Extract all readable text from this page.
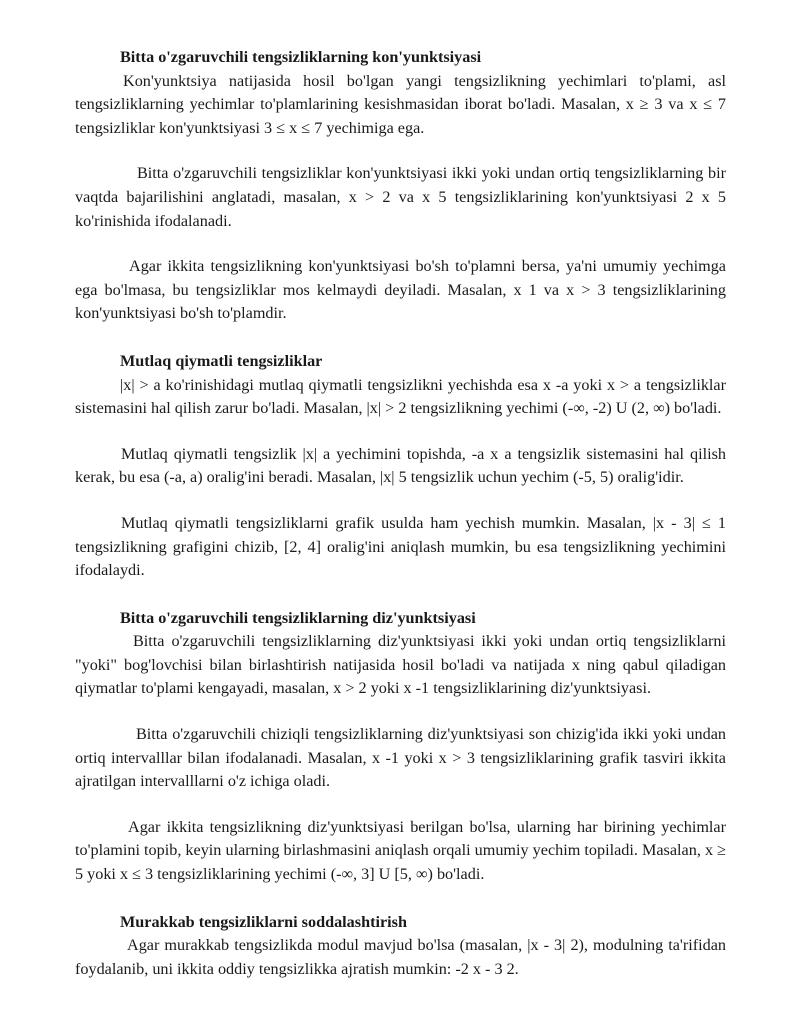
Bitta o'zgaruvchili tengsizliklarning kon'yunktsiyasi

Kon'yunktsiya natijasida hosil bo'lgan yangi tengsizlikning yechimlari to'plami, asl tengsizliklarning yechimlar to'plamlarining kesishmasidan iborat bo'ladi. Masalan, x ≥ 3 va x ≤ 7 tengsizliklar kon'yunktsiyasi 3 ≤ x ≤ 7 yechimiga ega.

Bitta o'zgaruvchili tengsizliklar kon'yunktsiyasi ikki yoki undan ortiq tengsizliklarning bir vaqtda bajarilishini anglatadi, masalan, x > 2 va x 5 tengsizliklarining kon'yunktsiyasi 2 x 5 ko'rinishida ifodalanadi.

Agar ikkita tengsizlikning kon'yunktsiyasi bo'sh to'plamni bersa, ya'ni umumiy yechimga ega bo'lmasa, bu tengsizliklar mos kelmaydi deyiladi. Masalan, x 1 va x > 3 tengsizliklarining kon'yunktsiyasi bo'sh to'plamdir.

Mutlaq qiymatli tengsizliklar

|x| > a ko'rinishidagi mutlaq qiymatli tengsizlikni yechishda esa x -a yoki x > a tengsizliklar sistemasini hal qilish zarur bo'ladi. Masalan, |x| > 2 tengsizlikning yechimi (-∞, -2) U (2, ∞) bo'ladi.

Mutlaq qiymatli tengsizlik |x| a yechimini topishda, -a x a tengsizlik sistemasini hal qilish kerak, bu esa (-a, a) oralig'ini beradi. Masalan, |x| 5 tengsizlik uchun yechim (-5, 5) oralig'idir.

Mutlaq qiymatli tengsizliklarni grafik usulda ham yechish mumkin. Masalan, |x - 3| ≤ 1 tengsizlikning grafigini chizib, [2, 4] oralig'ini aniqlash mumkin, bu esa tengsizlikning yechimini ifodalaydi.

Bitta o'zgaruvchili tengsizliklarning diz'yunktsiyasi

Bitta o'zgaruvchili tengsizliklarning diz'yunktsiyasi ikki yoki undan ortiq tengsizliklarni "yoki" bog'lovchisi bilan birlashtirish natijasida hosil bo'ladi va natijada x ning qabul qiladigan qiymatlar to'plami kengayadi, masalan, x > 2 yoki x -1 tengsizliklarining diz'yunktsiyasi.

Bitta o'zgaruvchili chiziqli tengsizliklarning diz'yunktsiyasi son chizig'ida ikki yoki undan ortiq intervalllar bilan ifodalanadi. Masalan, x -1 yoki x > 3 tengsizliklarining grafik tasviri ikkita ajratilgan intervalllarni o'z ichiga oladi.

Agar ikkita tengsizlikning diz'yunktsiyasi berilgan bo'lsa, ularning har birining yechimlar to'plamini topib, keyin ularning birlashmasini aniqlash orqali umumiy yechim topiladi. Masalan, x ≥ 5 yoki x ≤ 3 tengsizliklarining yechimi (-∞, 3] U [5, ∞) bo'ladi.

Murakkab tengsizliklarni soddalashtirish

Agar murakkab tengsizlikda modul mavjud bo'lsa (masalan, |x - 3| 2), modulning ta'rifidan foydalanib, uni ikkita oddiy tengsizlikka ajratish mumkin: -2 x - 3 2.
